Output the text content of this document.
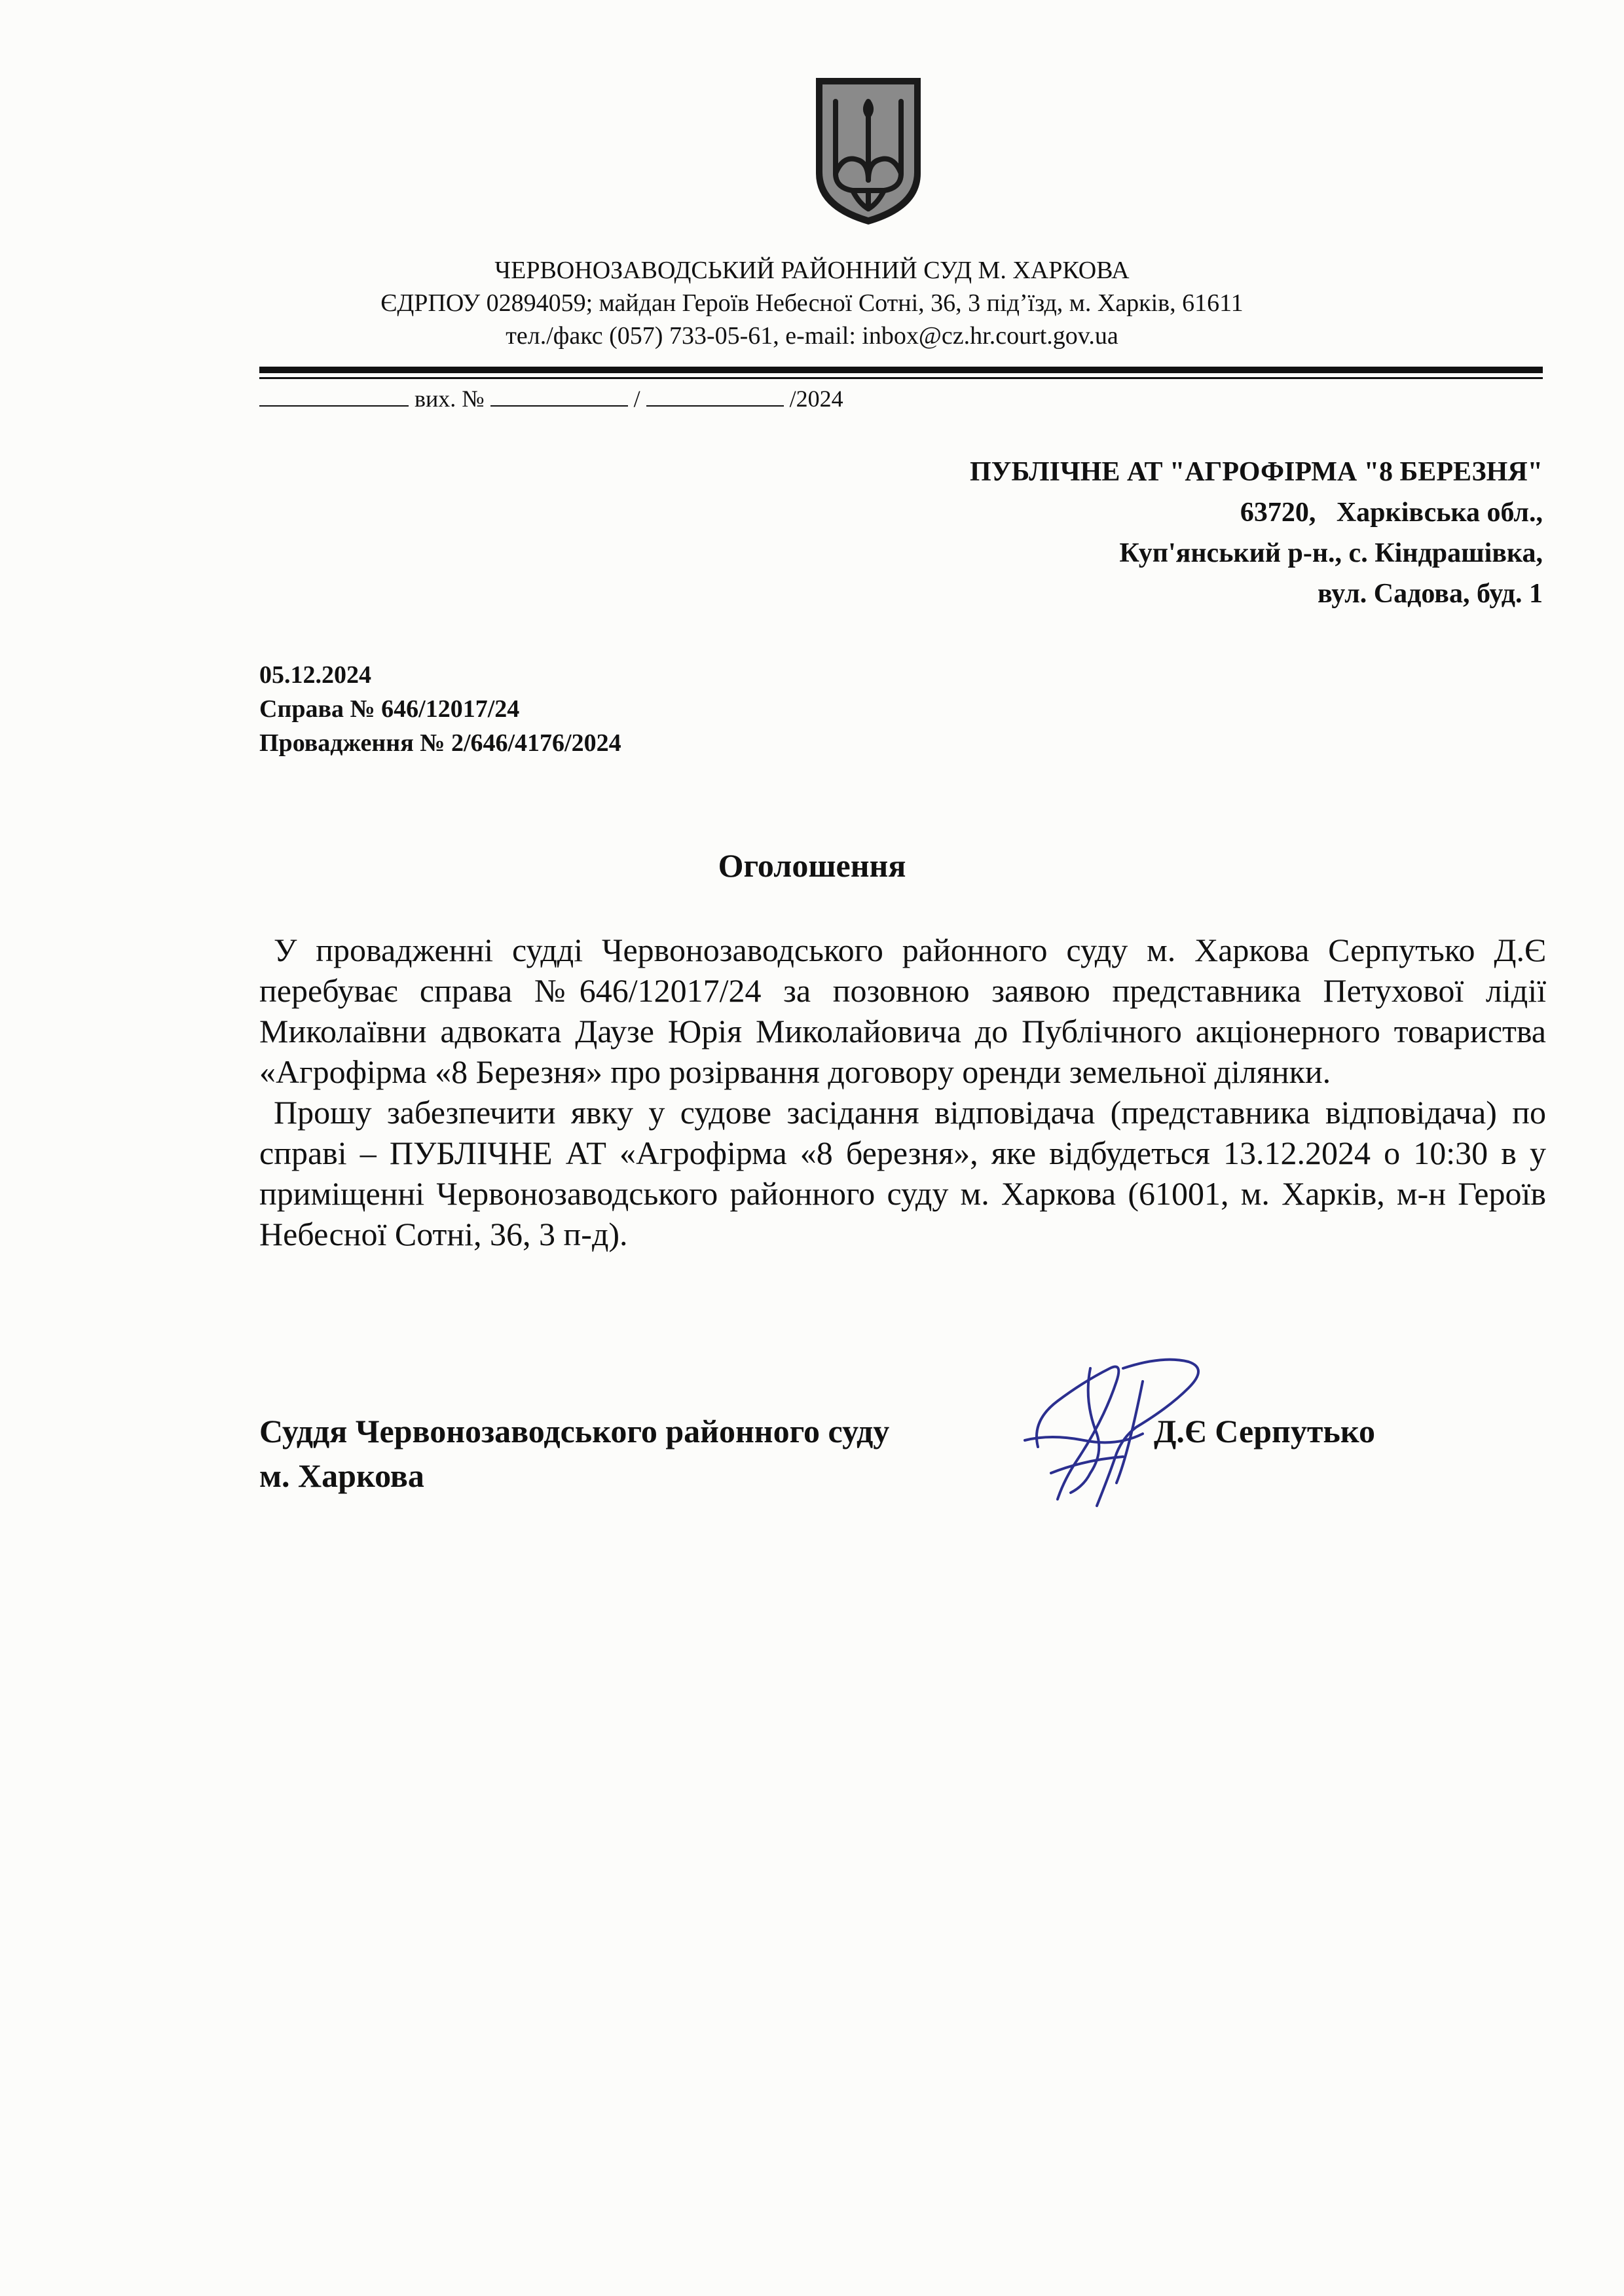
ЧЕРВОНОЗАВОДСЬКИЙ РАЙОННИЙ СУД М. ХАРКОВА
ЄДРПОУ 02894059; майдан Героїв Небесної Сотні, 36, 3 під’їзд, м. Харків, 61611
тел./факс (057) 733-05-61, e-mail: inbox@cz.hr.court.gov.ua
вих. №	/	/2024
ПУБЛІЧНЕ АТ "АГРОФІРМА "8 БЕРЕЗНЯ"
63720,   Харківська обл.,
Куп'янський р-н., с. Кіндрашівка,
вул. Садова, буд. 1
05.12.2024
Справа № 646/12017/24
Провадження № 2/646/4176/2024
Оголошення

У провадженні судді Червонозаводського районного суду м. Харкова Серпутько Д.Є перебуває справа №646/12017/24 за позовною заявою представника Петухової лідії Миколаївни адвоката Даузе Юрія Миколайовича до Публічного акціонерного товариства «Агрофірма «8 Березня» про розірвання договору оренди земельної ділянки.

Прошу забезпечити явку у судове засідання відповідача (представника відповідача) по справі – ПУБЛІЧНЕ АТ «Агрофірма «8 березня», яке відбудеться 13.12.2024 о 10:30 в у приміщенні Червонозаводського районного суду м. Харкова (61001, м. Харків, м-н Героїв Небесної Сотні, 36, 3 п-д).

Суддя Червонозаводського районного суду
м. Харкова
Д.Є Серпутько
